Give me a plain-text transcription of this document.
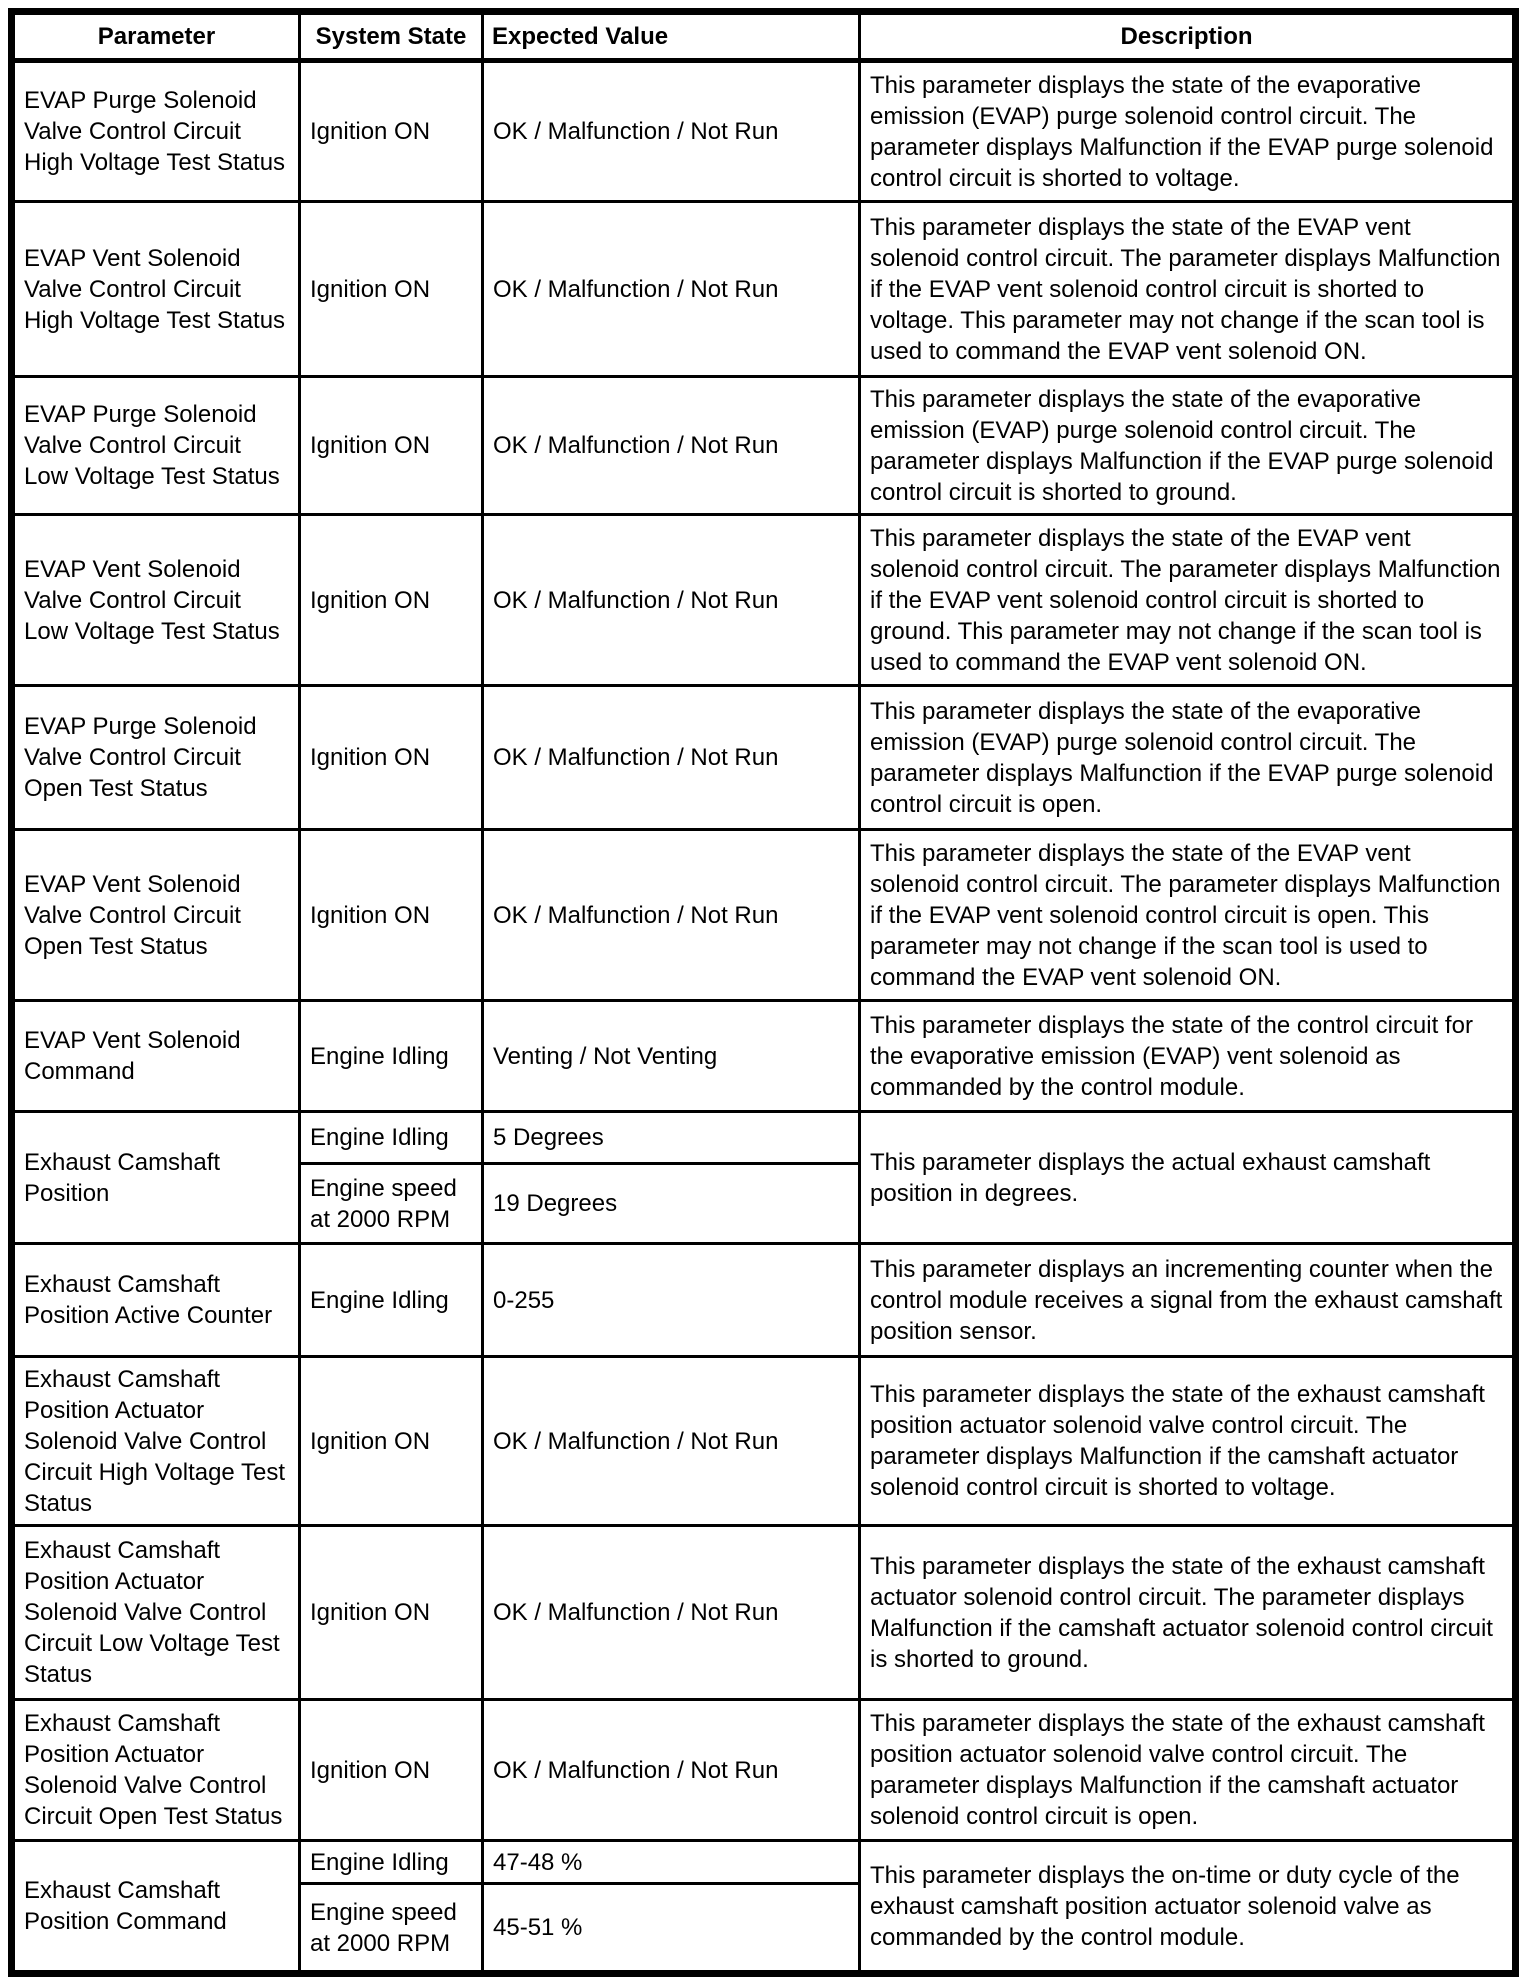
Parameter	System State	Expected Value	Description
EVAP Purge Solenoid Valve Control Circuit High Voltage Test Status	Ignition ON	OK / Malfunction / Not Run	This parameter displays the state of the evaporative emission (EVAP) purge solenoid control circuit. The parameter displays Malfunction if the EVAP purge solenoid control circuit is shorted to voltage.
EVAP Vent Solenoid Valve Control Circuit High Voltage Test Status	Ignition ON	OK / Malfunction / Not Run	This parameter displays the state of the EVAP vent solenoid control circuit. The parameter displays Malfunction if the EVAP vent solenoid control circuit is shorted to voltage. This parameter may not change if the scan tool is used to command the EVAP vent solenoid ON.
EVAP Purge Solenoid Valve Control Circuit Low Voltage Test Status	Ignition ON	OK / Malfunction / Not Run	This parameter displays the state of the evaporative emission (EVAP) purge solenoid control circuit. The parameter displays Malfunction if the EVAP purge solenoid control circuit is shorted to ground.
EVAP Vent Solenoid Valve Control Circuit Low Voltage Test Status	Ignition ON	OK / Malfunction / Not Run	This parameter displays the state of the EVAP vent solenoid control circuit. The parameter displays Malfunction if the EVAP vent solenoid control circuit is shorted to ground. This parameter may not change if the scan tool is used to command the EVAP vent solenoid ON.
EVAP Purge Solenoid Valve Control Circuit Open Test Status	Ignition ON	OK / Malfunction / Not Run	This parameter displays the state of the evaporative emission (EVAP) purge solenoid control circuit. The parameter displays Malfunction if the EVAP purge solenoid control circuit is open.
EVAP Vent Solenoid Valve Control Circuit Open Test Status	Ignition ON	OK / Malfunction / Not Run	This parameter displays the state of the EVAP vent solenoid control circuit. The parameter displays Malfunction if the EVAP vent solenoid control circuit is open. This parameter may not change if the scan tool is used to command the EVAP vent solenoid ON.
EVAP Vent Solenoid Command	Engine Idling	Venting / Not Venting	This parameter displays the state of the control circuit for the evaporative emission (EVAP) vent solenoid as commanded by the control module.
Exhaust Camshaft Position	Engine Idling	5 Degrees	This parameter displays the actual exhaust camshaft position in degrees.
	Engine speed at 2000 RPM	19 Degrees	
Exhaust Camshaft Position Active Counter	Engine Idling	0-255	This parameter displays an incrementing counter when the control module receives a signal from the exhaust camshaft position sensor.
Exhaust Camshaft Position Actuator Solenoid Valve Control Circuit High Voltage Test Status	Ignition ON	OK / Malfunction / Not Run	This parameter displays the state of the exhaust camshaft position actuator solenoid valve control circuit. The parameter displays Malfunction if the camshaft actuator solenoid control circuit is shorted to voltage.
Exhaust Camshaft Position Actuator Solenoid Valve Control Circuit Low Voltage Test Status	Ignition ON	OK / Malfunction / Not Run	This parameter displays the state of the exhaust camshaft actuator solenoid control circuit. The parameter displays Malfunction if the camshaft actuator solenoid control circuit is shorted to ground.
Exhaust Camshaft Position Actuator Solenoid Valve Control Circuit Open Test Status	Ignition ON	OK / Malfunction / Not Run	This parameter displays the state of the exhaust camshaft position actuator solenoid valve control circuit. The parameter displays Malfunction if the camshaft actuator solenoid control circuit is open.
Exhaust Camshaft Position Command	Engine Idling	47-48 %	This parameter displays the on-time or duty cycle of the exhaust camshaft position actuator solenoid valve as commanded by the control module.
	Engine speed at 2000 RPM	45-51 %	
